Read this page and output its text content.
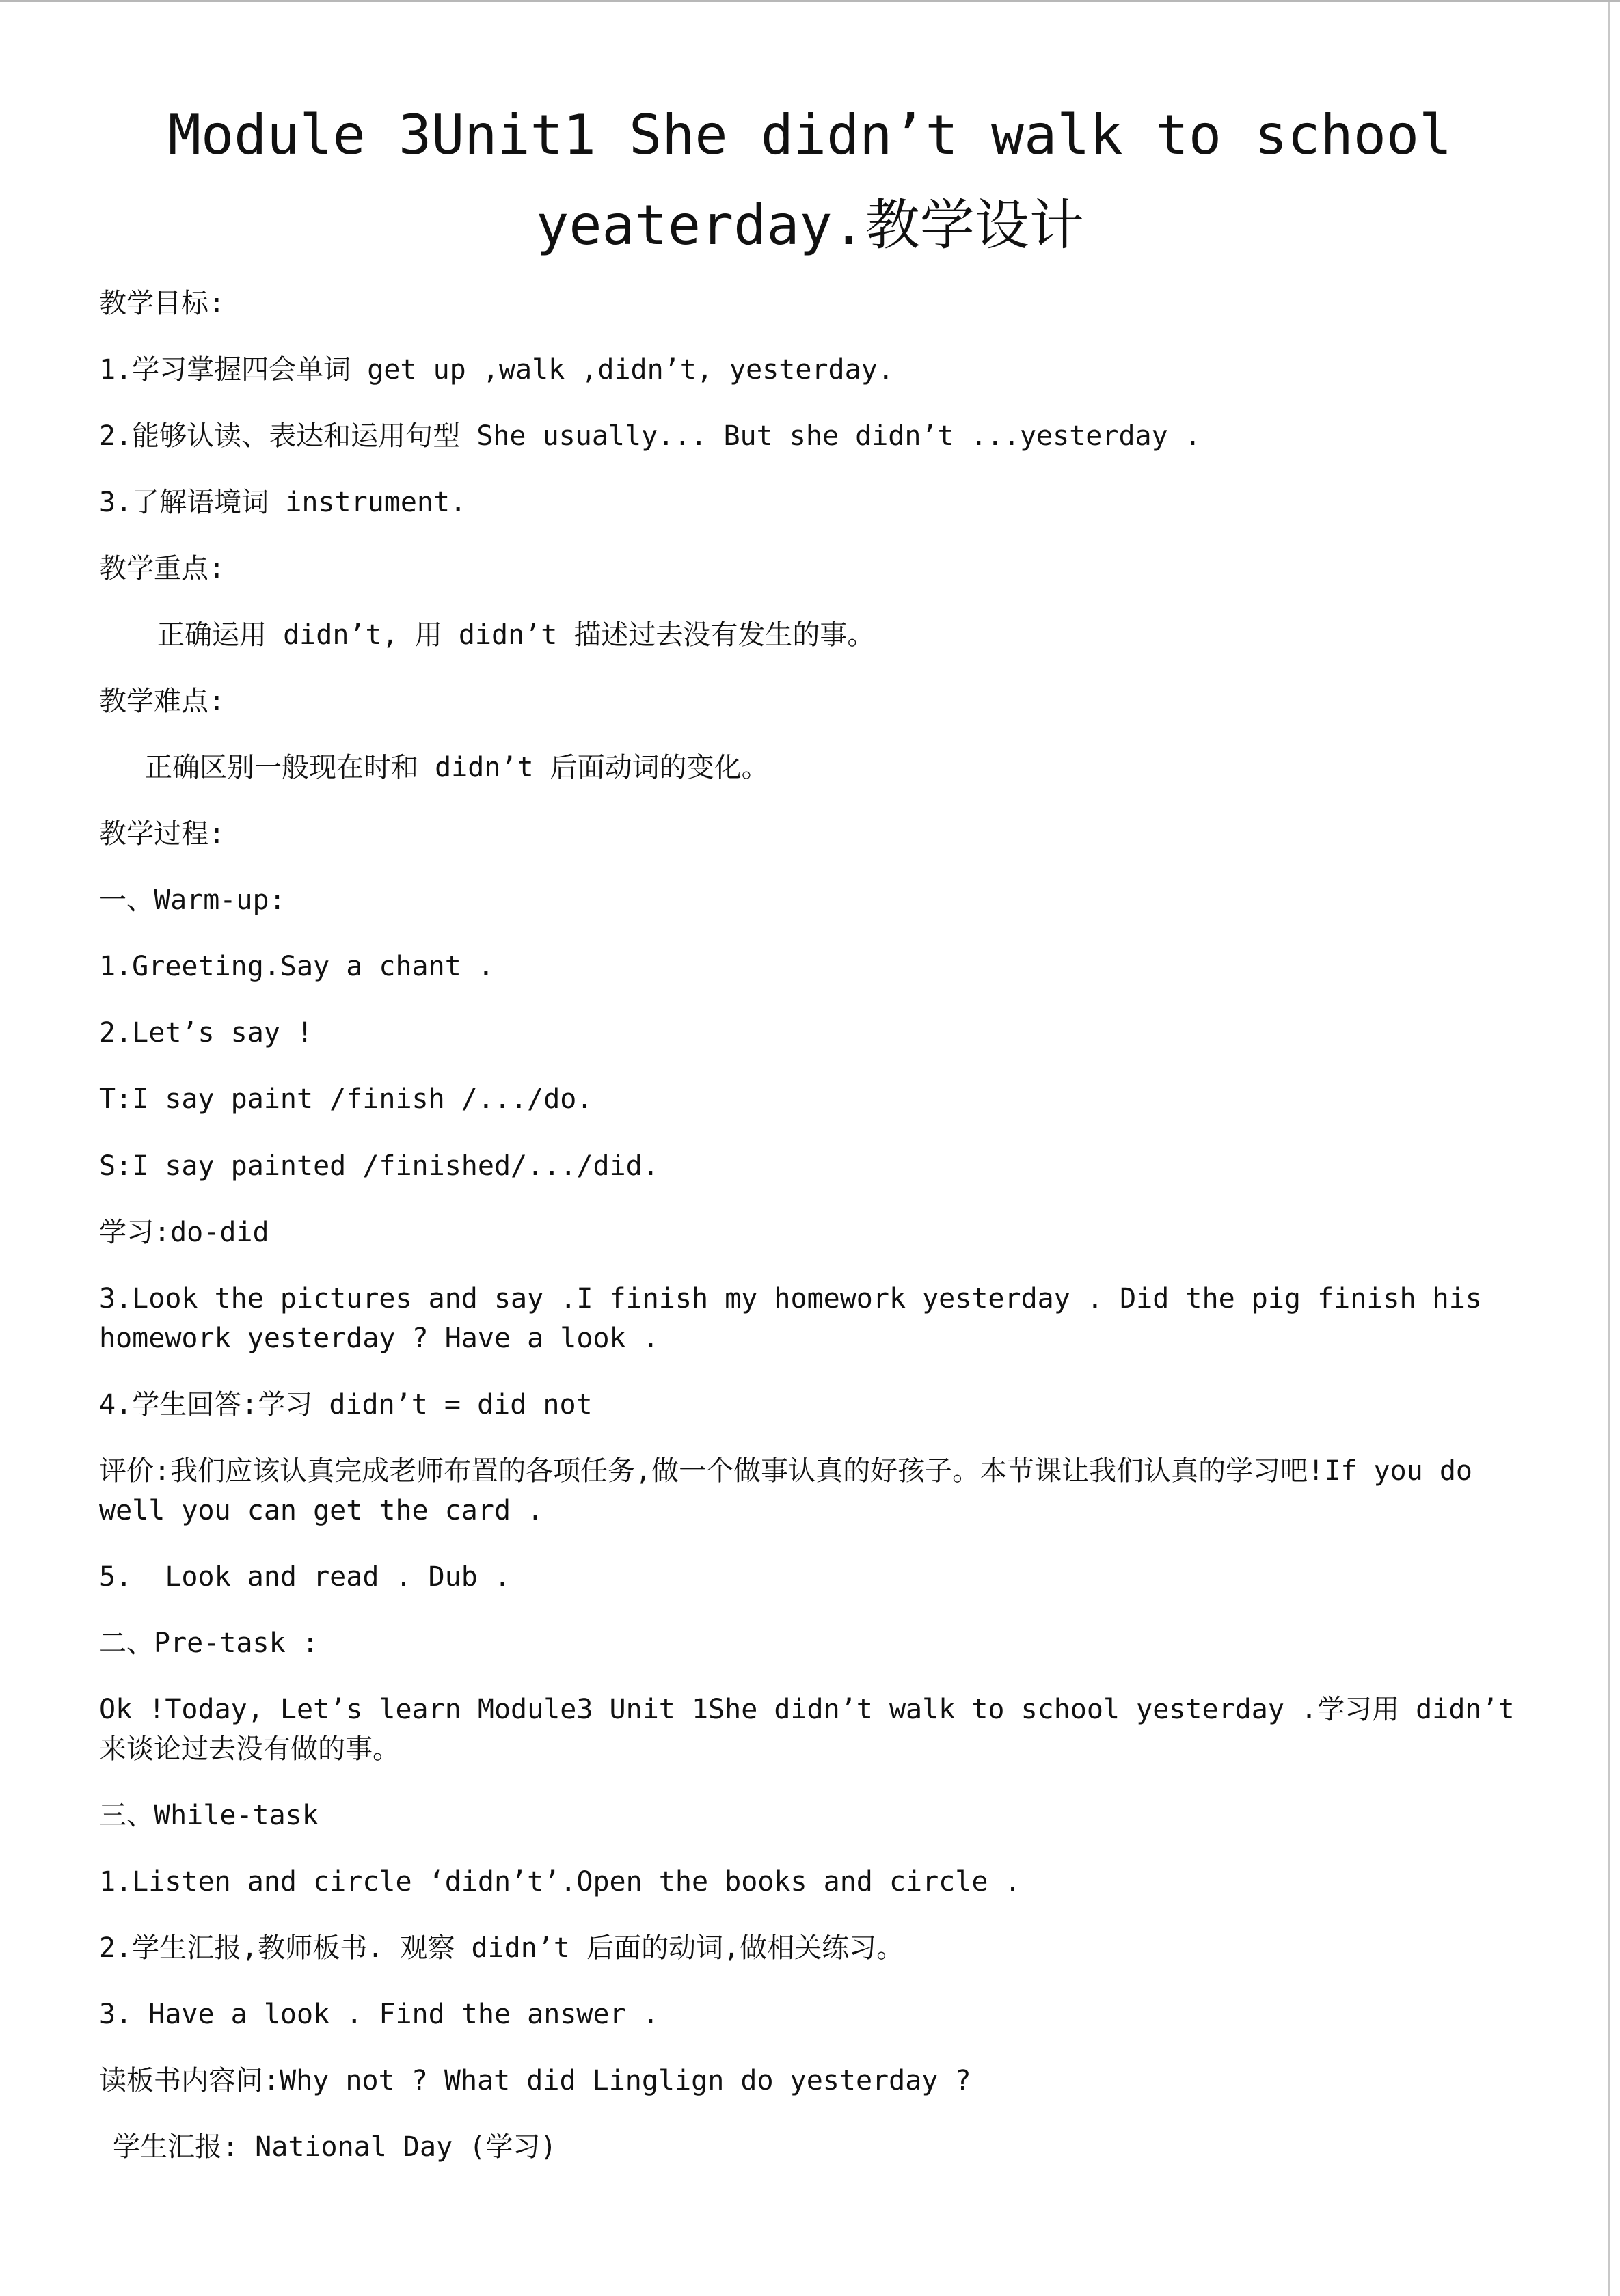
Module 3Unit1 She didn’t walk to school
yeaterday.教学设计
教学目标:
1.学习掌握四会单词 get up ,walk ,didn’t, yesterday.
2.能够认读、表达和运用句型 She usually... But she didn’t ...yesterday .
3.了解语境词 instrument.
教学重点:
正确运用 didn’t, 用 didn’t 描述过去没有发生的事。
教学难点:
正确区别一般现在时和 didn’t 后面动词的变化。
教学过程:
一、Warm-up:
1.Greeting.Say a chant .
2.Let’s say !
T:I say paint /finish /.../do.
S:I say painted /finished/.../did.
学习:do-did
3.Look the pictures and say .I finish my homework yesterday . Did the pig finish his homework yesterday ? Have a look .
4.学生回答:学习 didn’t = did not
评价:我们应该认真完成老师布置的各项任务,做一个做事认真的好孩子。本节课让我们认真的学习吧!If you do well you can get the card .
5.  Look and read . Dub .
二、Pre-task :
Ok !Today, Let’s learn Module3 Unit 1She didn’t walk to school yesterday .学习用 didn’t 来谈论过去没有做的事。
三、While-task
1.Listen and circle ‘didn’t’.Open the books and circle .
2.学生汇报,教师板书. 观察 didn’t 后面的动词,做相关练习。
3. Have a look . Find the answer .
读板书内容问:Why not ? What did Linglign do yesterday ?
学生汇报: National Day (学习)
